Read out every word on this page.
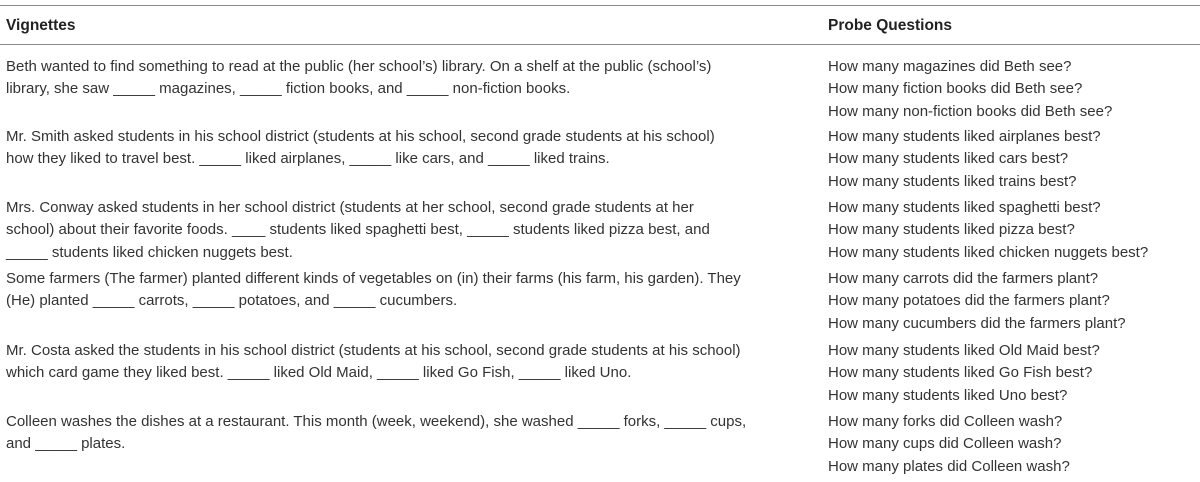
Vignettes	Probe Questions
Beth wanted to find something to read at the public (her school’s) library. On a shelf at the public (school’s)
library, she saw _____ magazines, _____ fiction books, and _____ non-fiction books.
How many magazines did Beth see?
How many fiction books did Beth see?
How many non-fiction books did Beth see?
Mr. Smith asked students in his school district (students at his school, second grade students at his school)
how they liked to travel best. _____ liked airplanes, _____ like cars, and _____ liked trains.
How many students liked airplanes best?
How many students liked cars best?
How many students liked trains best?
Mrs. Conway asked students in her school district (students at her school, second grade students at her
school) about their favorite foods. ____ students liked spaghetti best, _____ students liked pizza best, and
_____ students liked chicken nuggets best.
How many students liked spaghetti best?
How many students liked pizza best?
How many students liked chicken nuggets best?
Some farmers (The farmer) planted different kinds of vegetables on (in) their farms (his farm, his garden). They
(He) planted _____ carrots, _____ potatoes, and _____ cucumbers.
How many carrots did the farmers plant?
How many potatoes did the farmers plant?
How many cucumbers did the farmers plant?
Mr. Costa asked the students in his school district (students at his school, second grade students at his school)
which card game they liked best. _____ liked Old Maid, _____ liked Go Fish, _____ liked Uno.
How many students liked Old Maid best?
How many students liked Go Fish best?
How many students liked Uno best?
Colleen washes the dishes at a restaurant. This month (week, weekend), she washed _____ forks, _____ cups,
and _____ plates.
How many forks did Colleen wash?
How many cups did Colleen wash?
How many plates did Colleen wash?
